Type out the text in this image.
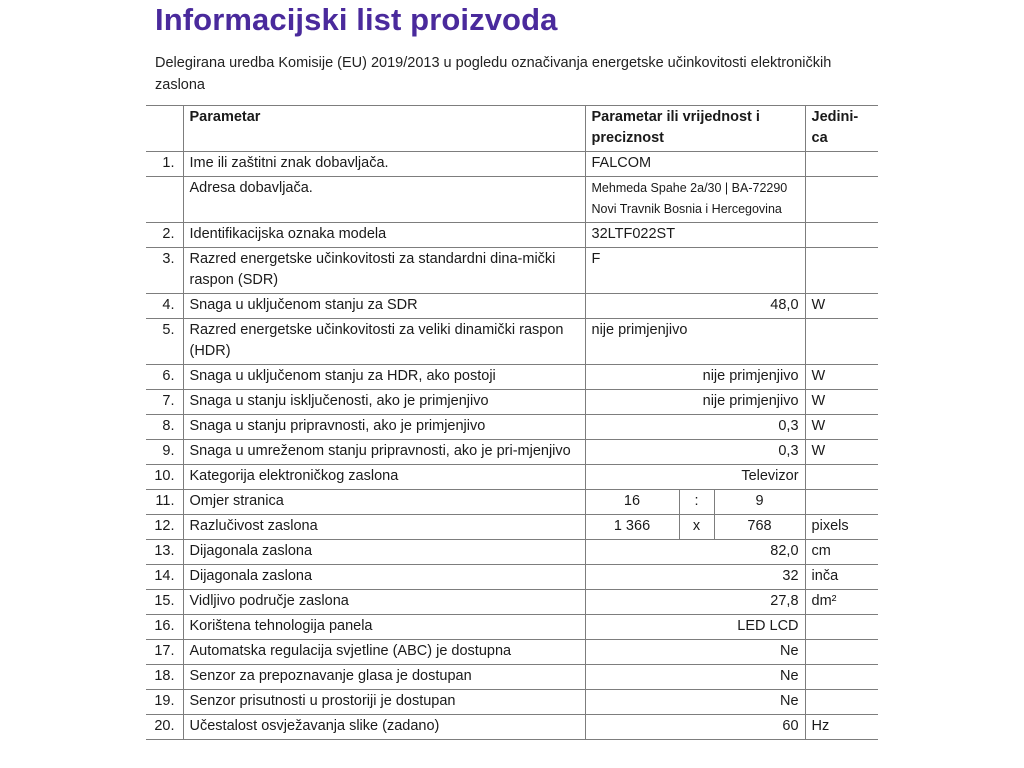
Informacijski list proizvoda
Delegirana uredba Komisije (EU) 2019/2013 u pogledu označivanja energetske učinkovitosti elektroničkih zaslona
	Parametar	Parametar ili vrijednost i preciznost			Jedini-ca
1.	Ime ili zaštitni znak dobavljača.	FALCOM			
	Adresa dobavljača.	Mehmeda Spahe 2a/30 | BA-72290 Novi Travnik Bosnia i Hercegovina			
2.	Identifikacijska oznaka modela	32LTF022ST			
3.	Razred energetske učinkovitosti za standardni dina-mički raspon (SDR)	F			
4.	Snaga u uključenom stanju za SDR	48,0			W
5.	Razred energetske učinkovitosti za veliki dinamički raspon (HDR)	nije primjenjivo			
6.	Snaga u uključenom stanju za HDR, ako postoji	nije primjenjivo			W
7.	Snaga u stanju isključenosti, ako je primjenjivo	nije primjenjivo			W
8.	Snaga u stanju pripravnosti, ako je primjenjivo	0,3			W
9.	Snaga u umreženom stanju pripravnosti, ako je pri-mjenjivo	0,3			W
10.	Kategorija elektroničkog zaslona	Televizor			
11.	Omjer stranica	16	:	9	
12.	Razlučivost zaslona	1 366	x	768	pixels
13.	Dijagonala zaslona	82,0			cm
14.	Dijagonala zaslona	32			inča
15.	Vidljivo područje zaslona	27,8			dm²
16.	Korištena tehnologija panela	LED LCD			
17.	Automatska regulacija svjetline (ABC) je dostupna	Ne			
18.	Senzor za prepoznavanje glasa je dostupan	Ne			
19.	Senzor prisutnosti u prostoriji je dostupan	Ne			
20.	Učestalost osvježavanja slike (zadano)	60			Hz
